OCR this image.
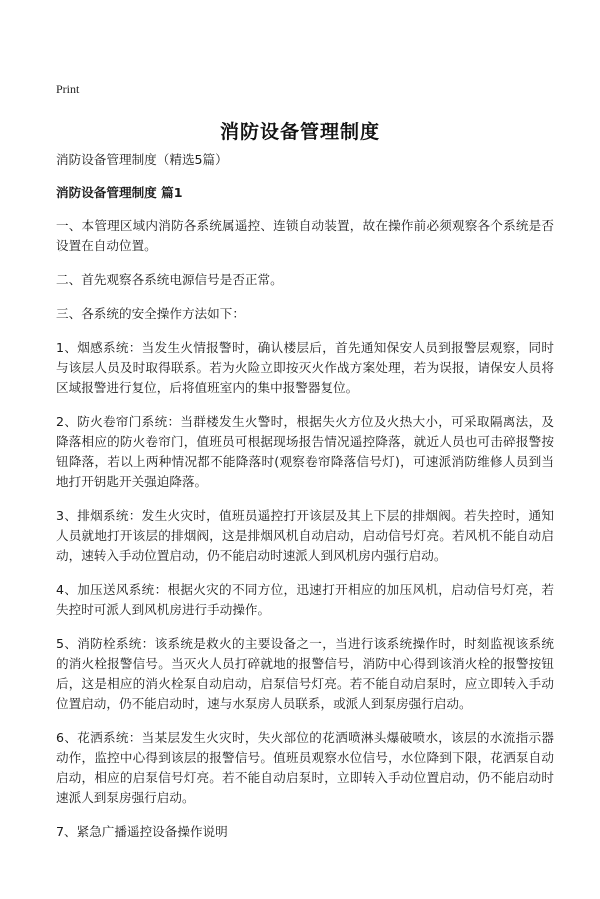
Print
消防设备管理制度

消防设备管理制度（精选5篇）

消防设备管理制度 篇1

一、本管理区域内消防各系统属遥控、连锁自动装置，故在操作前必须观察各个系统是否设置在自动位置。

二、首先观察各系统电源信号是否正常。

三、各系统的安全操作方法如下：

1、烟感系统：当发生火情报警时，确认楼层后，首先通知保安人员到报警层观察，同时与该层人员及时取得联系。若为火险立即按灭火作战方案处理，若为误报，请保安人员将区域报警进行复位，后将值班室内的集中报警器复位。

2、防火卷帘门系统：当群楼发生火警时，根据失火方位及火热大小，可采取隔离法，及降落相应的防火卷帘门，值班员可根据现场报告情况遥控降落，就近人员也可击碎报警按钮降落，若以上两种情况都不能降落时(观察卷帘降落信号灯)，可速派消防维修人员到当地打开钥匙开关强迫降落。

3、排烟系统：发生火灾时，值班员遥控打开该层及其上下层的排烟阀。若失控时，通知人员就地打开该层的排烟阀，这是排烟风机自动启动，启动信号灯亮。若风机不能自动启动，速转入手动位置启动，仍不能启动时速派人到风机房内强行启动。

4、加压送风系统：根据火灾的不同方位，迅速打开相应的加压风机，启动信号灯亮，若失控时可派人到风机房进行手动操作。

5、消防栓系统：该系统是救火的主要设备之一，当进行该系统操作时，时刻监视该系统的消火栓报警信号。当灭火人员打碎就地的报警信号，消防中心得到该消火栓的报警按钮后，这是相应的消火栓泵自动启动，启泵信号灯亮。若不能自动启泵时，应立即转入手动位置启动，仍不能启动时，速与水泵房人员联系，或派人到泵房强行启动。

6、花洒系统：当某层发生火灾时，失火部位的花洒喷淋头爆破喷水，该层的水流指示器动作，监控中心得到该层的报警信号。值班员观察水位信号，水位降到下限，花洒泵自动启动，相应的启泵信号灯亮。若不能自动启泵时，立即转入手动位置启动，仍不能启动时速派人到泵房强行启动。

7、紧急广播遥控设备操作说明
